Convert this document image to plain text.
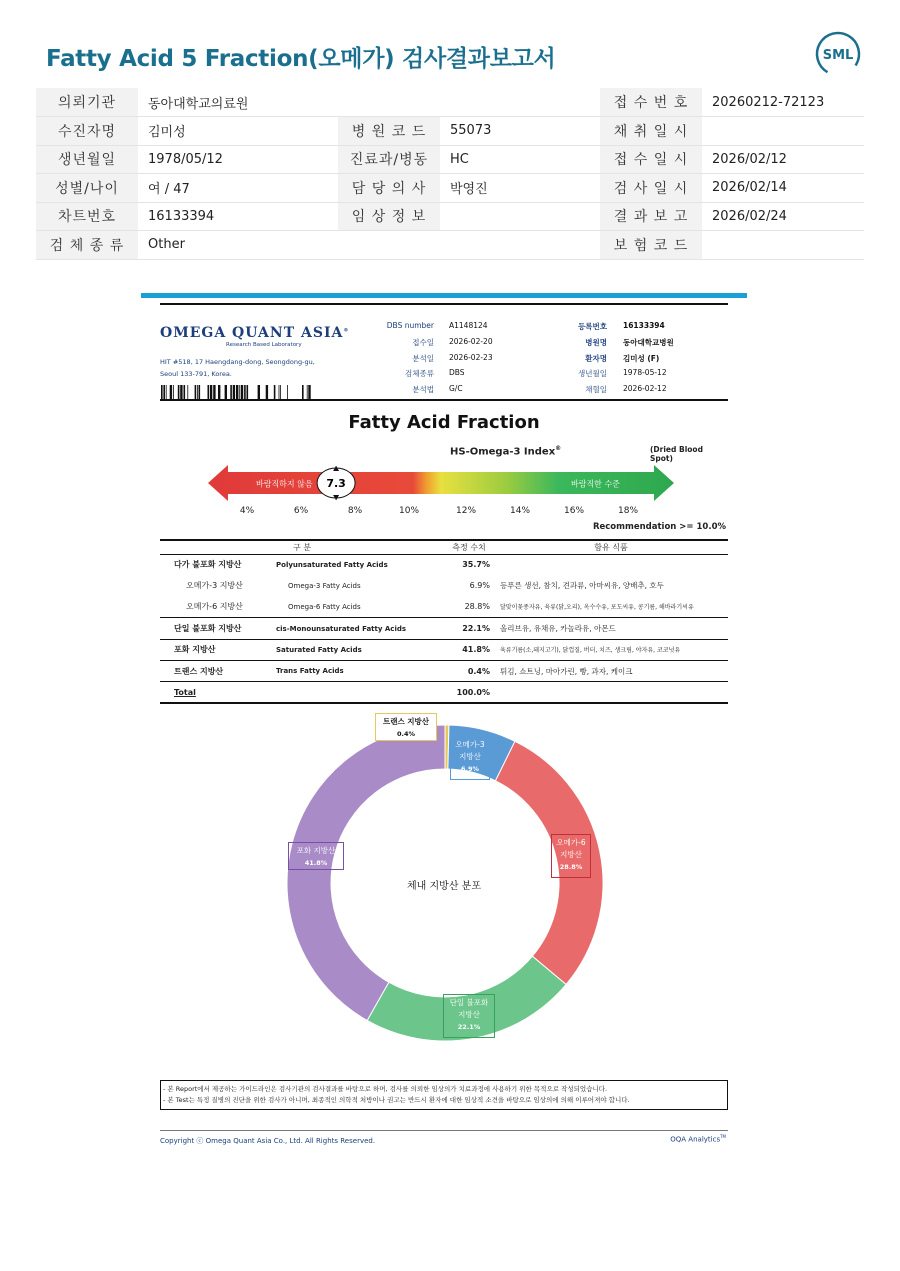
Fatty Acid 5 Fraction(오메가) 검사결과보고서	SML
의뢰기관	동아대학교의료원			접 수 번 호	20260212-72123
수진자명	김미성	병 원 코 드	55073	채 취 일 시	
생년월일	1978/05/12	진료과/병동	HC	접 수 일 시	2026/02/12
성별/나이	여 / 47	담 당 의 사	박영진	검 사 일 시	2026/02/14
차트번호	16133394	임 상 정 보		결 과 보 고	2026/02/24
검 체 종 류	Other			보 험 코 드	
OMEGA QUANT ASIA®
Research Based Laboratory
HIT #518, 17 Haengdang-dong, Seongdong-gu,
Seoul 133-791, Korea.
DBS number A1148124
접수일 2026-02-20
분석일 2026-02-23
검체종류 DBS
분석법 G/C
등록번호 16133394
병원명 동아대학교병원
환자명 김미성 (F)
생년월일 1978-05-12
채혈일 2026-02-12
Fatty Acid Fraction
HS-Omega-3 Index®	(Dried Blood Spot)
바람직하지 않음	바람직한 수준
7.3
4%	6%	8%	10%	12%	14%	16%	18%
Recommendation >= 10.0%
구 분		측정 수치	함유 식품
다가 불포화 지방산	Polyunsaturated Fatty Acids	35.7%	
오메가-3 지방산	Omega-3 Fatty Acids	6.9%	등푸른 생선, 참치, 견과류, 아마씨유, 양배추, 호두
오메가-6 지방산	Omega-6 Fatty Acids	28.8%	달맞이꽃종자유, 육류(닭,오리), 옥수수유, 포도씨유, 콩기름, 해바라기씨유
단일 불포화 지방산	cis-Monounsaturated Fatty Acids	22.1%	올리브유, 유채유, 카놀라유, 아몬드
포화 지방산	Saturated Fatty Acids	41.8%	육류기름(소,돼지고기), 닭껍질, 버터, 치즈, 생크림, 야자유, 코코넛유
트랜스 지방산	Trans Fatty Acids	0.4%	튀김, 쇼트닝, 마아가린, 빵, 과자, 케이크
Total		100.0%	
체내 지방산 분포
트랜스 지방산
0.4%
오메가-3
지방산
6.9%
오메가-6
지방산
28.8%
단일 불포화
지방산
22.1%
포화 지방산
41.8%
- 본 Report에서 제공하는 가이드라인은 검사기관의 검사결과를 바탕으로 하며, 검사를 의뢰한 임상의가 치료과정에 사용하기 위한 목적으로 작성되었습니다.
- 본 Test는 특정 질병의 진단을 위한 검사가 아니며, 최종적인 의학적 처방이나 권고는 반드시 환자에 대한 임상적 소견을 바탕으로 임상의에 의해 이루어져야 합니다.
Copyright ⓒ Omega Quant Asia Co., Ltd. All Rights Reserved.	OQA Analytics™
